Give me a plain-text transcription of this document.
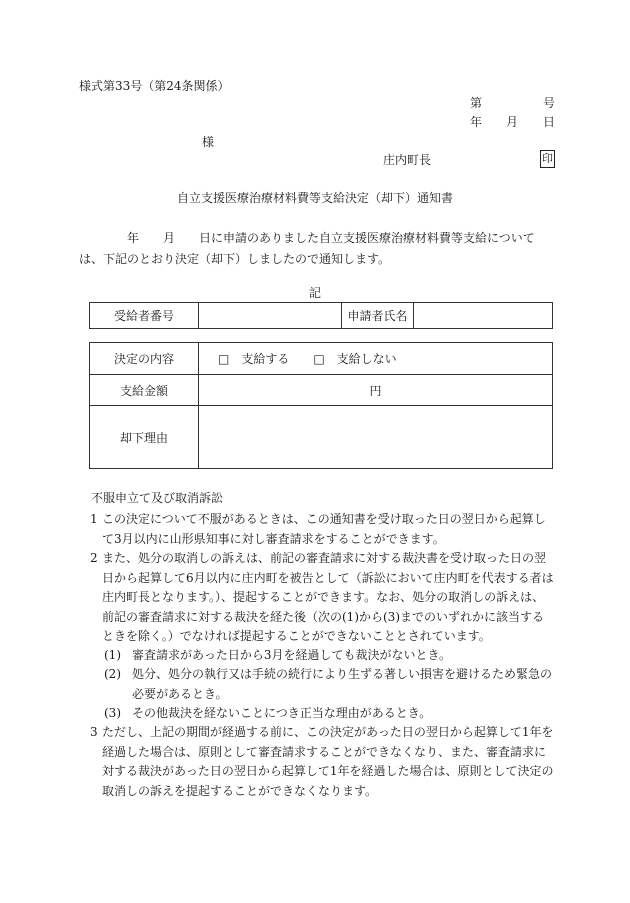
様式第33号（第24条関係）
第	号
年 月 日
様
庄内町長	印
自立支援医療治療材料費等支給決定（却下）通知書
　　　　年　　月　　日に申請のありました自立支援医療治療材料費等支給については、下記のとおり決定（却下）しましたので通知します。
記
受給者番号		申請者氏名	
決定の内容	□　支給する □　支給しない
支給金額	円
却下理由	
不服申立て及び取消訴訟
1 この決定について不服があるときは、この通知書を受け取った日の翌日から起算して3月以内に山形県知事に対し審査請求をすることができます。
2 また、処分の取消しの訴えは、前記の審査請求に対する裁決書を受け取った日の翌日から起算して6月以内に庄内町を被告として（訴訟において庄内町を代表する者は庄内町長となります。）、提起することができます。なお、処分の取消しの訴えは、前記の審査請求に対する裁決を経た後（次の(1)から(3)までのいずれかに該当するときを除く。）でなければ提起することができないこととされています。
(1) 審査請求があった日から3月を経過しても裁決がないとき。
(2) 処分、処分の執行又は手続の続行により生ずる著しい損害を避けるため緊急の必要があるとき。
(3) その他裁決を経ないことにつき正当な理由があるとき。
3 ただし、上記の期間が経過する前に、この決定があった日の翌日から起算して1年を経過した場合は、原則として審査請求することができなくなり、また、審査請求に対する裁決があった日の翌日から起算して1年を経過した場合は、原則として決定の取消しの訴えを提起することができなくなります。
